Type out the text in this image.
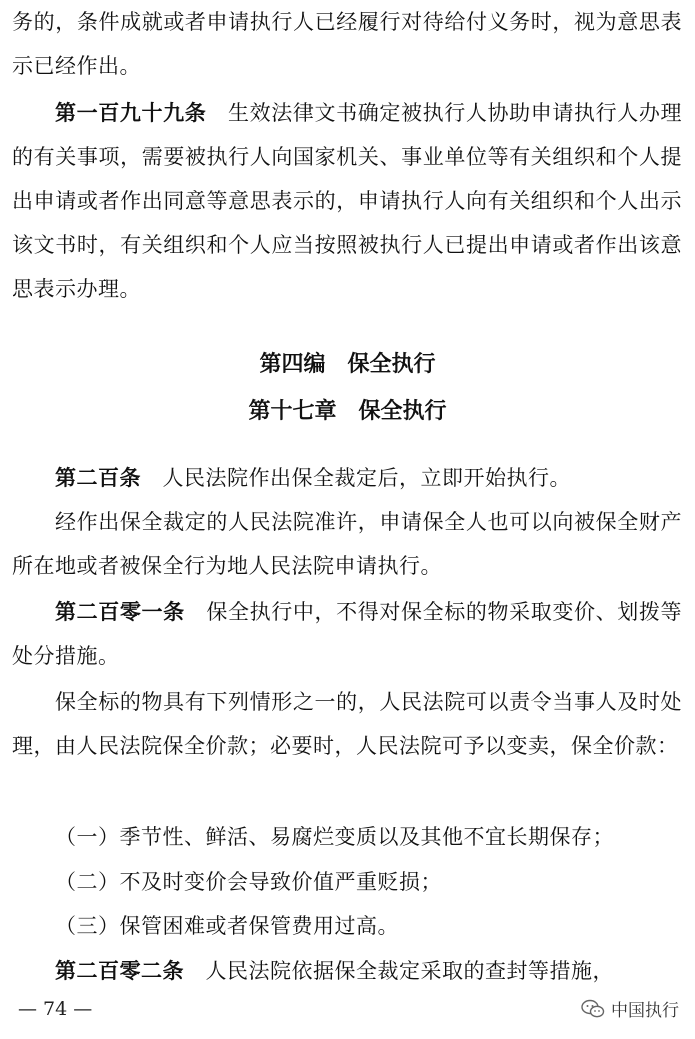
务的，条件成就或者申请执行人已经履行对待给付义务时，视为意思表示已经作出。

第一百九十九条　 生效法律文书确定被执行人协助申请执行人办理的有关事项，需要被执行人向国家机关、事业单位等有关组织和个人提出申请或者作出同意等意思表示的，申请执行人向有关组织和个人出示该文书时，有关组织和个人应当按照被执行人已提出申请或者作出该意思表示办理。

第四编　保全执行
第十七章　保全执行

第二百条　 人民法院作出保全裁定后，立即开始执行。

经作出保全裁定的人民法院准许，申请保全人也可以向被保全财产所在地或者被保全行为地人民法院申请执行。

第二百零一条　 保全执行中，不得对保全标的物采取变价、划拨等处分措施。

保全标的物具有下列情形之一的，人民法院可以责令当事人及时处理，由人民法院保全价款；必要时，人民法院可予以变卖，保全价款：

（一）季节性、鲜活、易腐烂变质以及其他不宜长期保存；

（二）不及时变价会导致价值严重贬损；

（三）保管困难或者保管费用过高。

第二百零二条　 人民法院依据保全裁定采取的查封等措施，

— 74 —	中国执行
